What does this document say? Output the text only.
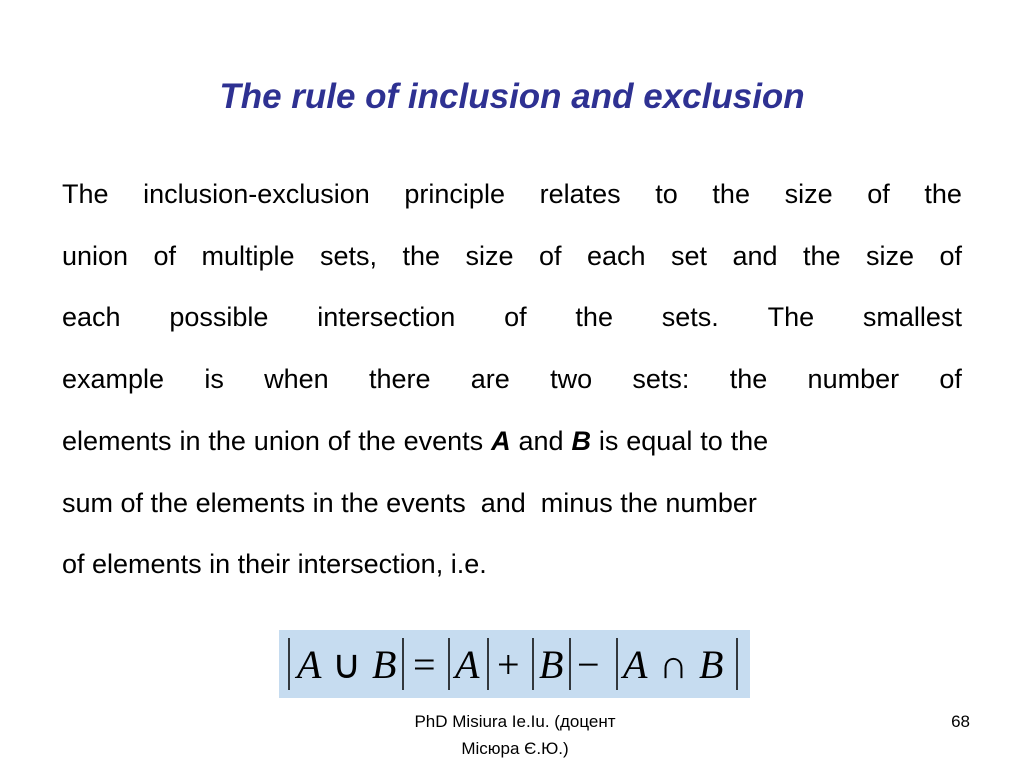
The rule of inclusion and exclusion
The inclusion-exclusion principle relates to the size of the
union of multiple sets, the size of each set and the size of
each possible intersection of the sets. The smallest
example is when there are two sets: the number of
elements in the union of the events A and B is equal to the
sum of the elements in the events  and  minus the number
of elements in their intersection, i.e.
A ∪ B = A + B − A ∩ B
PhD Misiura Ie.Iu. (доцент
Місюра Є.Ю.)
68
